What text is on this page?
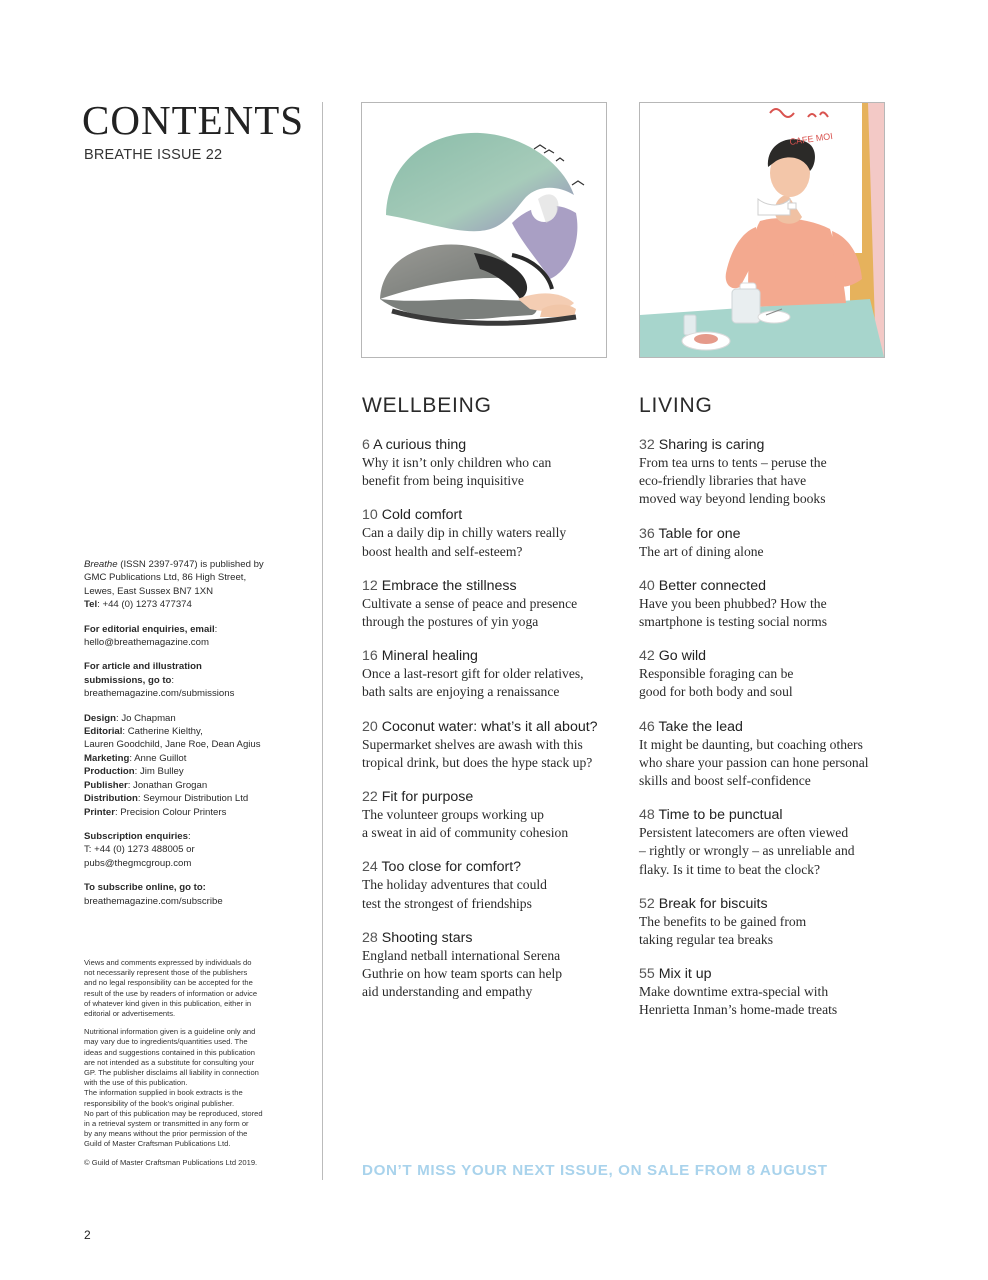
CONTENTS
BREATHE ISSUE 22
CAFE MOI
WELLBEING
6 A curious thing
Why it isn’t only children who can
benefit from being inquisitive
10 Cold comfort
Can a daily dip in chilly waters really
boost health and self-esteem?
12 Embrace the stillness
Cultivate a sense of peace and presence
through the postures of yin yoga
16 Mineral healing
Once a last-resort gift for older relatives,
bath salts are enjoying a renaissance
20 Coconut water: what’s it all about?
Supermarket shelves are awash with this
tropical drink, but does the hype stack up?
22 Fit for purpose
The volunteer groups working up
a sweat in aid of community cohesion
24 Too close for comfort?
The holiday adventures that could
test the strongest of friendships
28 Shooting stars
England netball international Serena
Guthrie on how team sports can help
aid understanding and empathy
LIVING
32 Sharing is caring
From tea urns to tents – peruse the
eco-friendly libraries that have
moved way beyond lending books
36 Table for one
The art of dining alone
40 Better connected
Have you been phubbed? How the
smartphone is testing social norms
42 Go wild
Responsible foraging can be
good for both body and soul
46 Take the lead
It might be daunting, but coaching others
who share your passion can hone personal
skills and boost self-confidence
48 Time to be punctual
Persistent latecomers are often viewed
– rightly or wrongly – as unreliable and
flaky. Is it time to beat the clock?
52 Break for biscuits
The benefits to be gained from
taking regular tea breaks
55 Mix it up
Make downtime extra-special with
Henrietta Inman’s home-made treats

Breathe (ISSN 2397-9747) is published by
GMC Publications Ltd, 86 High Street,
Lewes, East Sussex BN7 1XN
Tel: +44 (0) 1273 477374

For editorial enquiries, email:
hello@breathemagazine.com

For article and illustration
submissions, go to:
breathemagazine.com/submissions

Design: Jo Chapman
Editorial: Catherine Kielthy,
Lauren Goodchild, Jane Roe, Dean Agius
Marketing: Anne Guillot
Production: Jim Bulley
Publisher: Jonathan Grogan
Distribution: Seymour Distribution Ltd
Printer: Precision Colour Printers

Subscription enquiries:
T: +44 (0) 1273 488005 or
pubs@thegmcgroup.com

To subscribe online, go to:
breathemagazine.com/subscribe

Views and comments expressed by individuals do
not necessarily represent those of the publishers
and no legal responsibility can be accepted for the
result of the use by readers of information or advice
of whatever kind given in this publication, either in
editorial or advertisements.

Nutritional information given is a guideline only and
may vary due to ingredients/quantities used. The
ideas and suggestions contained in this publication
are not intended as a substitute for consulting your
GP. The publisher disclaims all liability in connection
with the use of this publication.
The information supplied in book extracts is the
responsibility of the book’s original publisher.
No part of this publication may be reproduced, stored
in a retrieval system or transmitted in any form or
by any means without the prior permission of the
Guild of Master Craftsman Publications Ltd.

© Guild of Master Craftsman Publications Ltd 2019.	DON’T MISS YOUR NEXT ISSUE, ON SALE FROM 8 AUGUST
2
